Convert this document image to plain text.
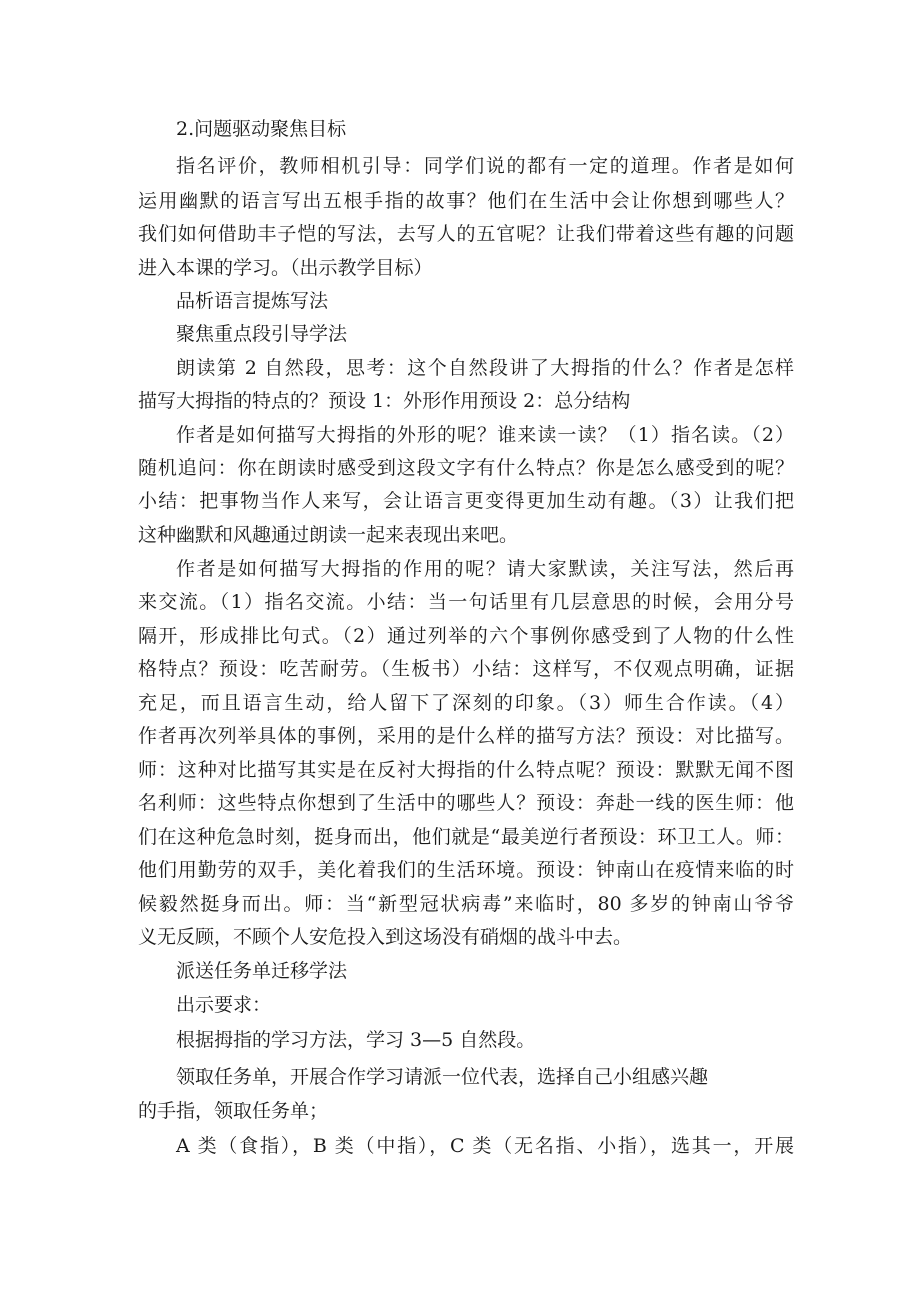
2.问题驱动聚焦目标
指名评价，教师相机引导：同学们说的都有一定的道理。作者是如何
运用幽默的语言写出五根手指的故事？他们在生活中会让你想到哪些人？
我们如何借助丰子恺的写法，去写人的五官呢？让我们带着这些有趣的问题
进入本课的学习。（出示教学目标）
品析语言提炼写法
聚焦重点段引导学法
朗读第 2 自然段，思考：这个自然段讲了大拇指的什么？作者是怎样
描写大拇指的特点的？预设 1：外形作用预设 2：总分结构
作者是如何描写大拇指的外形的呢？谁来读一读？（1）指名读。（2）
随机追问：你在朗读时感受到这段文字有什么特点？你是怎么感受到的呢？
小结：把事物当作人来写，会让语言更变得更加生动有趣。（3）让我们把
这种幽默和风趣通过朗读一起来表现出来吧。
作者是如何描写大拇指的作用的呢？请大家默读，关注写法，然后再
来交流。（1）指名交流。小结：当一句话里有几层意思的时候，会用分号
隔开，形成排比句式。（2）通过列举的六个事例你感受到了人物的什么性
格特点？预设：吃苦耐劳。（生板书）小结：这样写，不仅观点明确，证据
充足，而且语言生动，给人留下了深刻的印象。（3）师生合作读。（4）
作者再次列举具体的事例，采用的是什么样的描写方法？预设：对比描写。
师：这种对比描写其实是在反衬大拇指的什么特点呢？预设：默默无闻不图
名利师：这些特点你想到了生活中的哪些人？预设：奔赴一线的医生师：他
们在这种危急时刻，挺身而出，他们就是“最美逆行者预设：环卫工人。师：
他们用勤劳的双手，美化着我们的生活环境。预设：钟南山在疫情来临的时
候毅然挺身而出。师：当“新型冠状病毒”来临时，80 多岁的钟南山爷爷
义无反顾，不顾个人安危投入到这场没有硝烟的战斗中去。
派送任务单迁移学法
出示要求：
根据拇指的学习方法，学习 3—5 自然段。
领取任务单，开展合作学习请派一位代表，选择自己小组感兴趣
的手指，领取任务单；
A 类（食指），B 类（中指），C 类（无名指、小指），选其一，开展
